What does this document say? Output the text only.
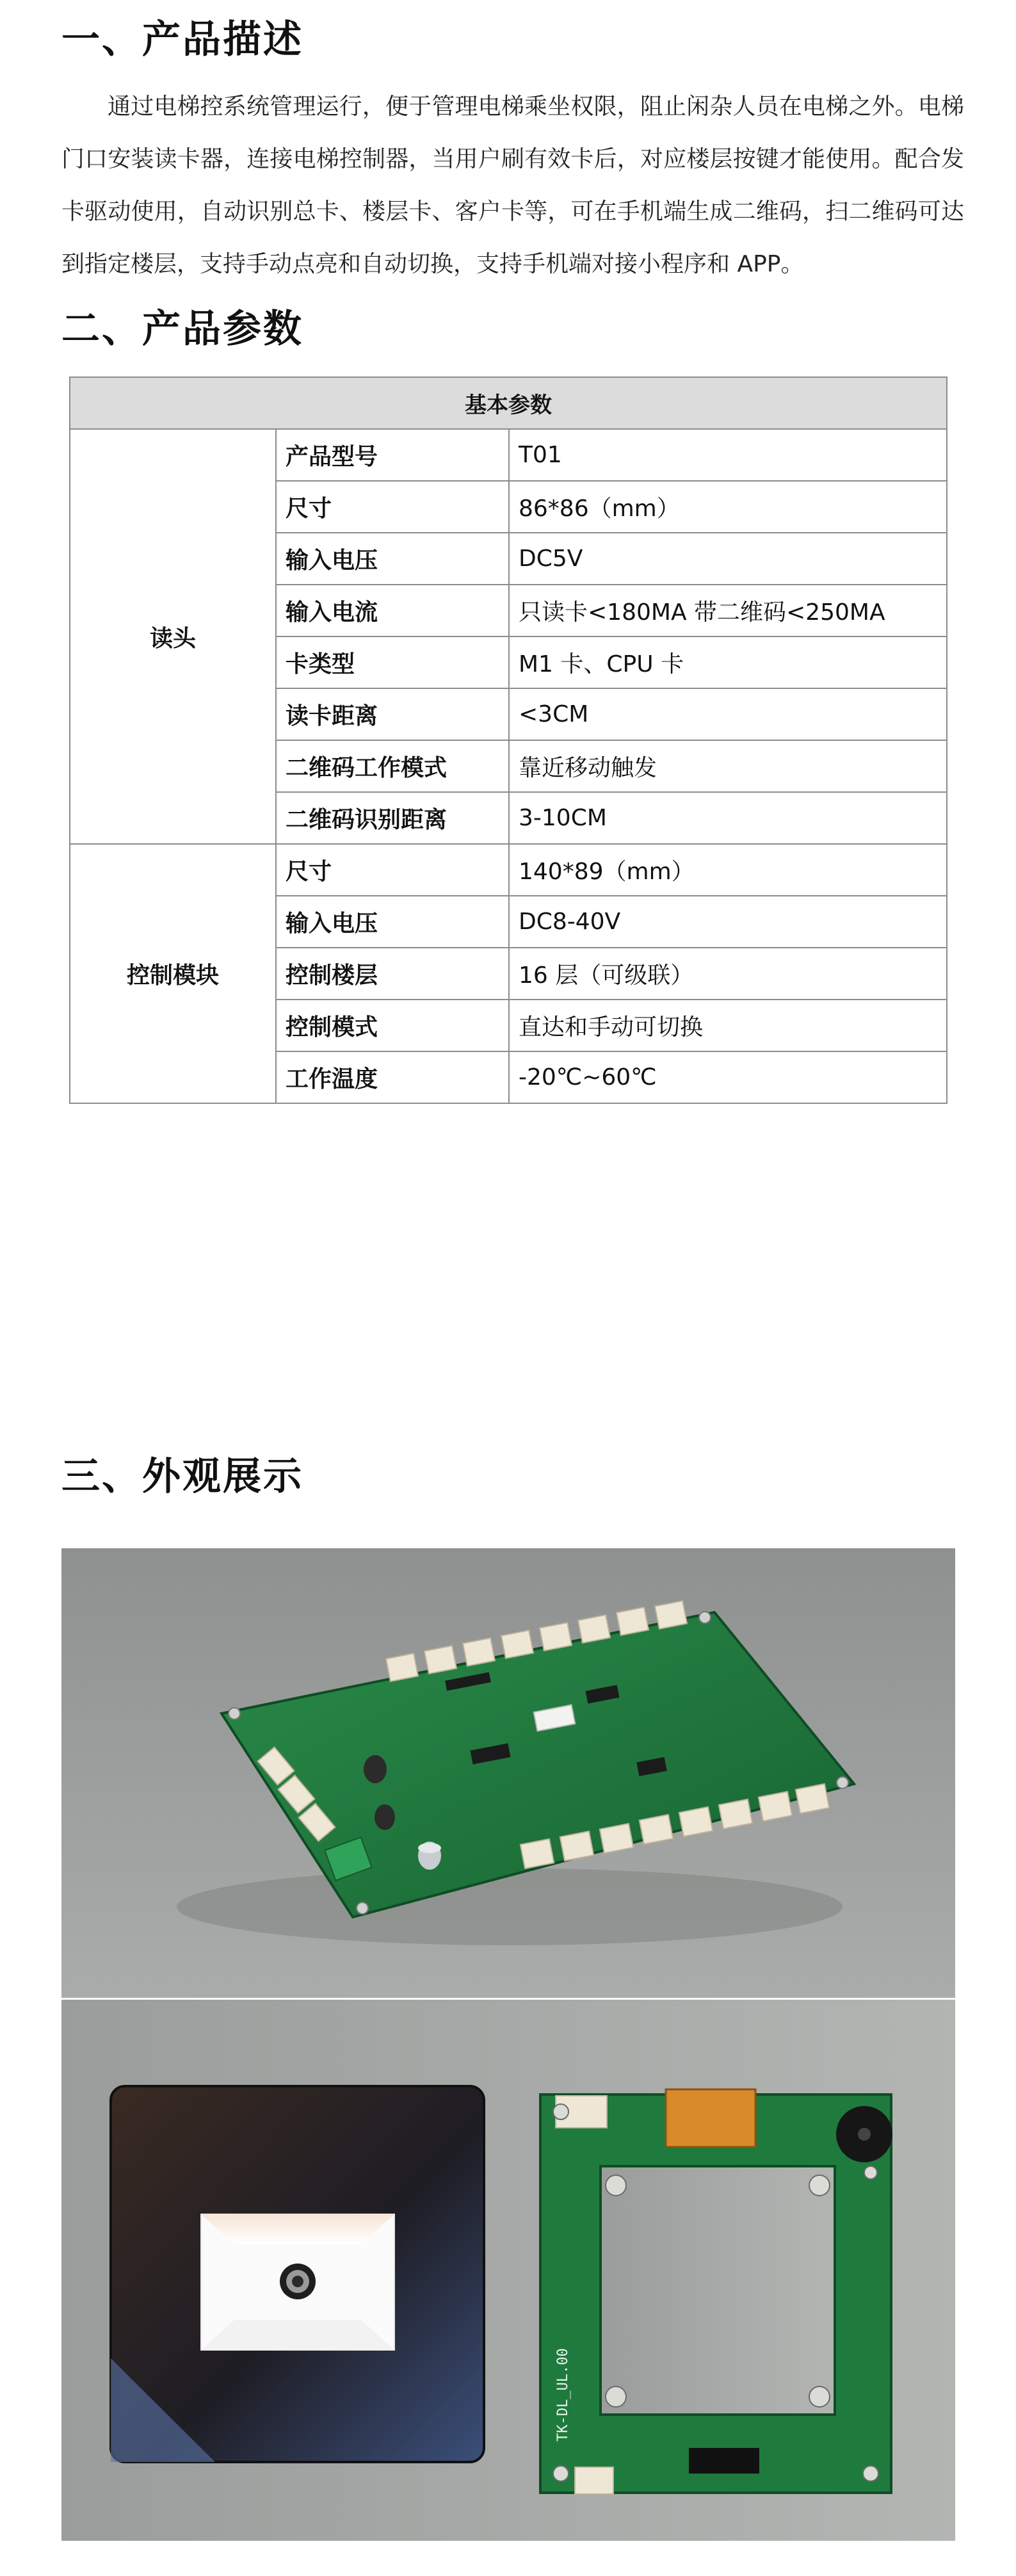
一、产品描述

通过电梯控系统管理运行，便于管理电梯乘坐权限，阻止闲杂人员在电梯之外。电梯门口安装读卡器，连接电梯控制器，当用户刷有效卡后，对应楼层按键才能使用。配合发卡驱动使用，自动识别总卡、楼层卡、客户卡等，可在手机端生成二维码，扫二维码可达到指定楼层，支持手动点亮和自动切换，支持手机端对接小程序和 APP。

二、产品参数
基本参数		
读头	产品型号	T01
	尺寸	86*86（mm）
	输入电压	DC5V
	输入电流	只读卡<180MA 带二维码<250MA
	卡类型	M1 卡、CPU 卡
	读卡距离	<3CM
	二维码工作模式	靠近移动触发
	二维码识别距离	3-10CM
控制模块	尺寸	140*89（mm）
	输入电压	DC8-40V
	控制楼层	16 层（可级联）
	控制模式	直达和手动可切换
	工作温度	-20℃~60℃
三、外观展示
TK-DL_UL.00
